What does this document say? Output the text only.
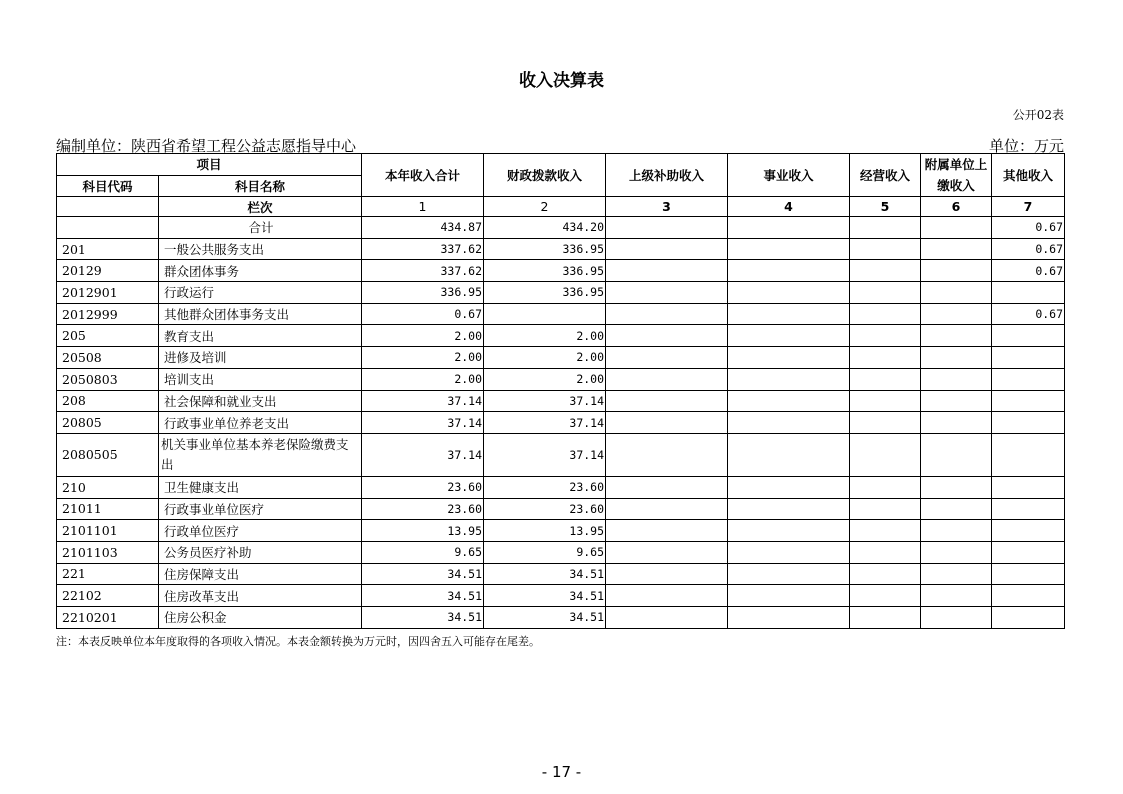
收入决算表
公开02表
编制单位：陕西省希望工程公益志愿指导中心	单位：万元
项目		本年收入合计	财政拨款收入	上级补助收入	事业收入	经营收入	附属单位上缴收入	其他收入
科目代码	科目名称							
	栏次	1	2	3	4	5	6	7
	合计	434.87	434.20					0.67
201	一般公共服务支出	337.62	336.95					0.67
20129	群众团体事务	337.62	336.95					0.67
2012901	行政运行	336.95	336.95					
2012999	其他群众团体事务支出	0.67						0.67
205	教育支出	2.00	2.00					
20508	进修及培训	2.00	2.00					
2050803	培训支出	2.00	2.00					
208	社会保障和就业支出	37.14	37.14					
20805	行政事业单位养老支出	37.14	37.14					
2080505	机关事业单位基本养老保险缴费支出	37.14	37.14					
210	卫生健康支出	23.60	23.60					
21011	行政事业单位医疗	23.60	23.60					
2101101	行政单位医疗	13.95	13.95					
2101103	公务员医疗补助	9.65	9.65					
221	住房保障支出	34.51	34.51					
22102	住房改革支出	34.51	34.51					
2210201	住房公积金	34.51	34.51					
注：本表反映单位本年度取得的各项收入情况。本表金额转换为万元时，因四舍五入可能存在尾差。
- 17 -
